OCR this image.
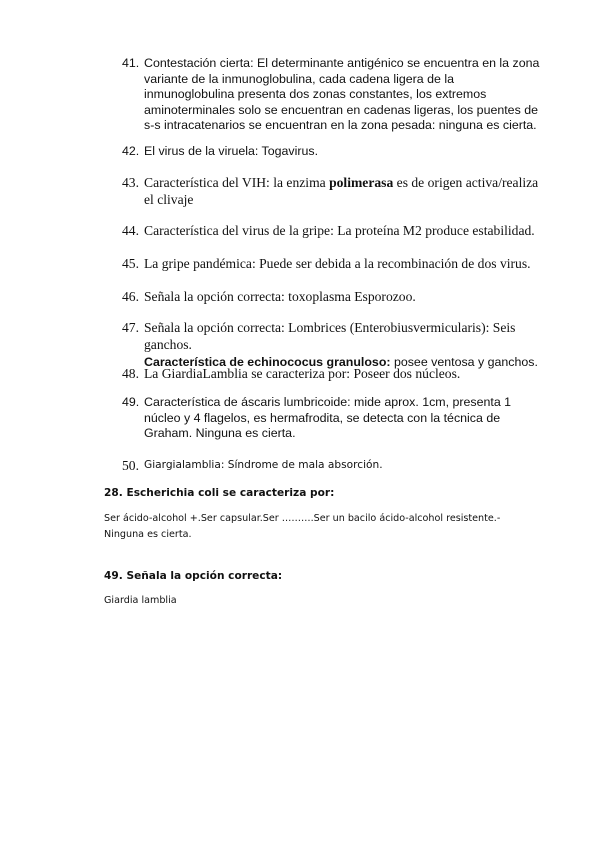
41. Contestación cierta: El determinante antigénico se encuentra en la zona variante de la inmunoglobulina, cada cadena ligera de la inmunoglobulina presenta dos zonas constantes, los extremos aminoterminales solo se encuentran en cadenas ligeras, los puentes de s-s intracatenarios se encuentran en la zona pesada: ninguna es cierta.
42. El virus de la viruela: Togavirus.
43. Característica del VIH: la enzima polimerasa es de origen activa/realiza el clivaje
44. Característica del virus de la gripe: La proteína M2 produce estabilidad.
45. La gripe pandémica: Puede ser debida a la recombinación de dos virus.
46. Señala la opción correcta: toxoplasma Esporozoo.
47. Señala la opción correcta: Lombrices (Enterobiusvermicularis): Seis ganchos.
Característica de echinococus granuloso: posee ventosa y ganchos.
48. La GiardiaLamblia se caracteriza por: Poseer dos núcleos.
49. Característica de áscaris lumbricoide: mide aprox. 1cm, presenta 1 núcleo y 4 flagelos, es hermafrodita, se detecta con la técnica de Graham. Ninguna es cierta.
50. Giargialamblia: Síndrome de mala absorción.
28. Escherichia coli se caracteriza por:
Ser ácido-alcohol +.Ser capsular.Ser ……….Ser un bacilo ácido-alcohol resistente.-Ninguna es cierta.
49. Señala la opción correcta:
Giardia lamblia
